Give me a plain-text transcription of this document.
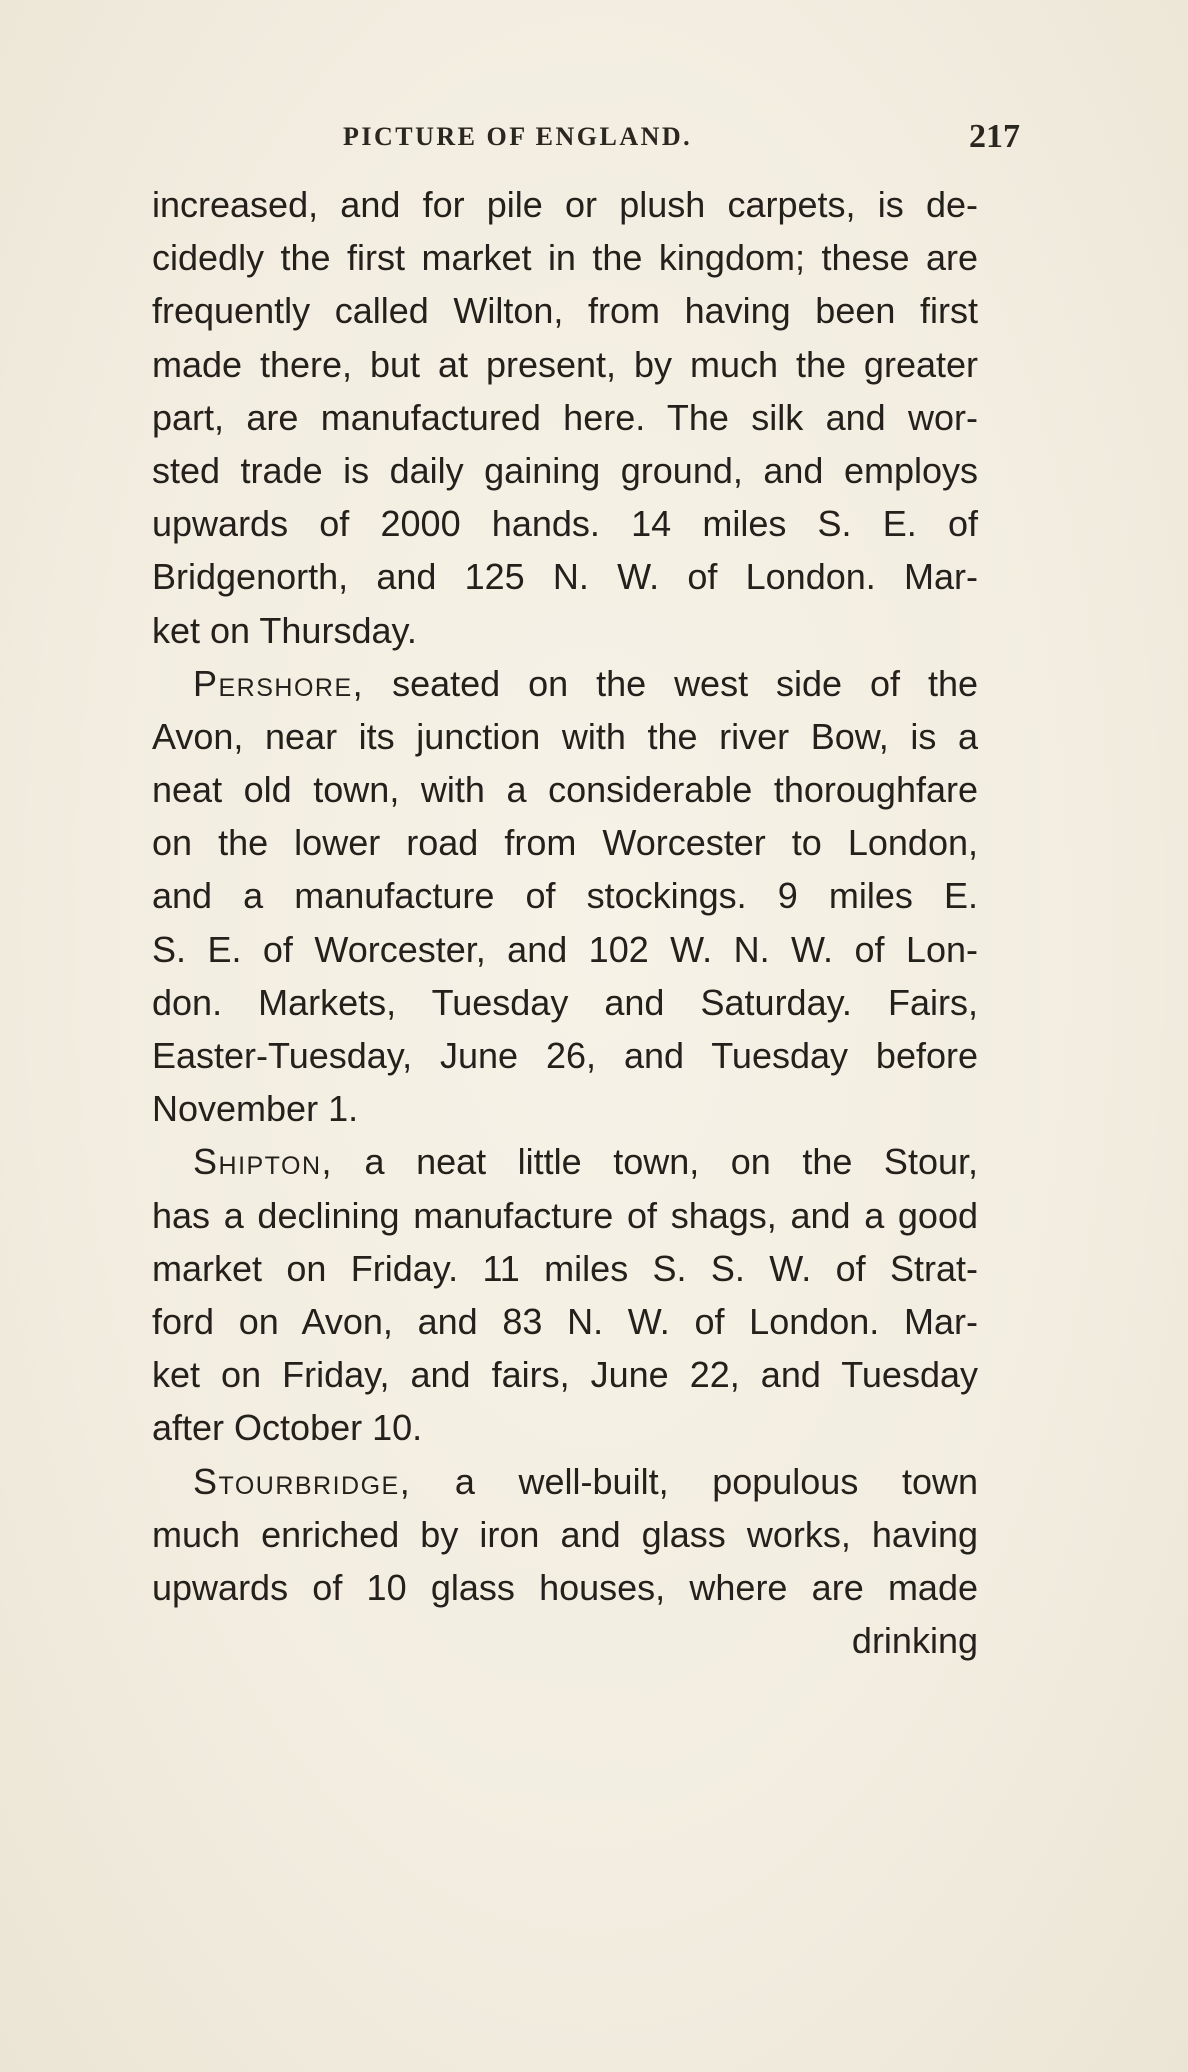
PICTURE OF ENGLAND.	217
increased, and for pile or plush carpets, is de-
cidedly the first market in the kingdom; these are
frequently called Wilton, from having been first
made there, but at present, by much the greater
part, are manufactured here. The silk and wor-
sted trade is daily gaining ground, and employs
upwards of 2000 hands. 14 miles S. E. of
Bridgenorth, and 125 N. W. of London. Mar-
ket on Thursday.
Pershore, seated on the west side of the
Avon, near its junction with the river Bow, is a
neat old town, with a considerable thoroughfare
on the lower road from Worcester to London,
and a manufacture of stockings. 9 miles E.
S. E. of Worcester, and 102 W. N. W. of Lon-
don. Markets, Tuesday and Saturday. Fairs,
Easter-Tuesday, June 26, and Tuesday before
November 1.
Shipton, a neat little town, on the Stour,
has a declining manufacture of shags, and a good
market on Friday. 11 miles S. S. W. of Strat-
ford on Avon, and 83 N. W. of London. Mar-
ket on Friday, and fairs, June 22, and Tuesday
after October 10.
Stourbridge, a well-built, populous town
much enriched by iron and glass works, having
upwards of 10 glass houses, where are made
drinking
